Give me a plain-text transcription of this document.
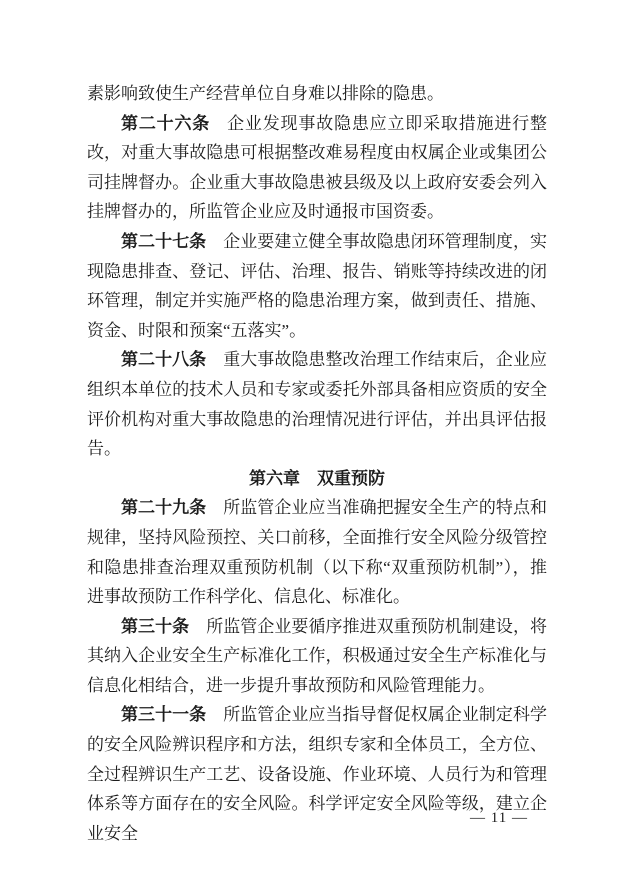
素影响致使生产经营单位自身难以排除的隐患。

第二十六条 企业发现事故隐患应立即采取措施进行整改，对重大事故隐患可根据整改难易程度由权属企业或集团公司挂牌督办。企业重大事故隐患被县级及以上政府安委会列入挂牌督办的，所监管企业应及时通报市国资委。

第二十七条 企业要建立健全事故隐患闭环管理制度，实现隐患排查、登记、评估、治理、报告、销账等持续改进的闭环管理，制定并实施严格的隐患治理方案，做到责任、措施、资金、时限和预案“五落实”。

第二十八条 重大事故隐患整改治理工作结束后，企业应组织本单位的技术人员和专家或委托外部具备相应资质的安全评价机构对重大事故隐患的治理情况进行评估，并出具评估报告。

第六章　双重预防

第二十九条 所监管企业应当准确把握安全生产的特点和规律，坚持风险预控、关口前移，全面推行安全风险分级管控和隐患排查治理双重预防机制（以下称“双重预防机制”），推进事故预防工作科学化、信息化、标准化。

第三十条 所监管企业要循序推进双重预防机制建设，将其纳入企业安全生产标准化工作，积极通过安全生产标准化与信息化相结合，进一步提升事故预防和风险管理能力。

第三十一条 所监管企业应当指导督促权属企业制定科学的安全风险辨识程序和方法，组织专家和全体员工，全方位、全过程辨识生产工艺、设备设施、作业环境、人员行为和管理体系等方面存在的安全风险。科学评定安全风险等级，建立企业安全

— 11 —
